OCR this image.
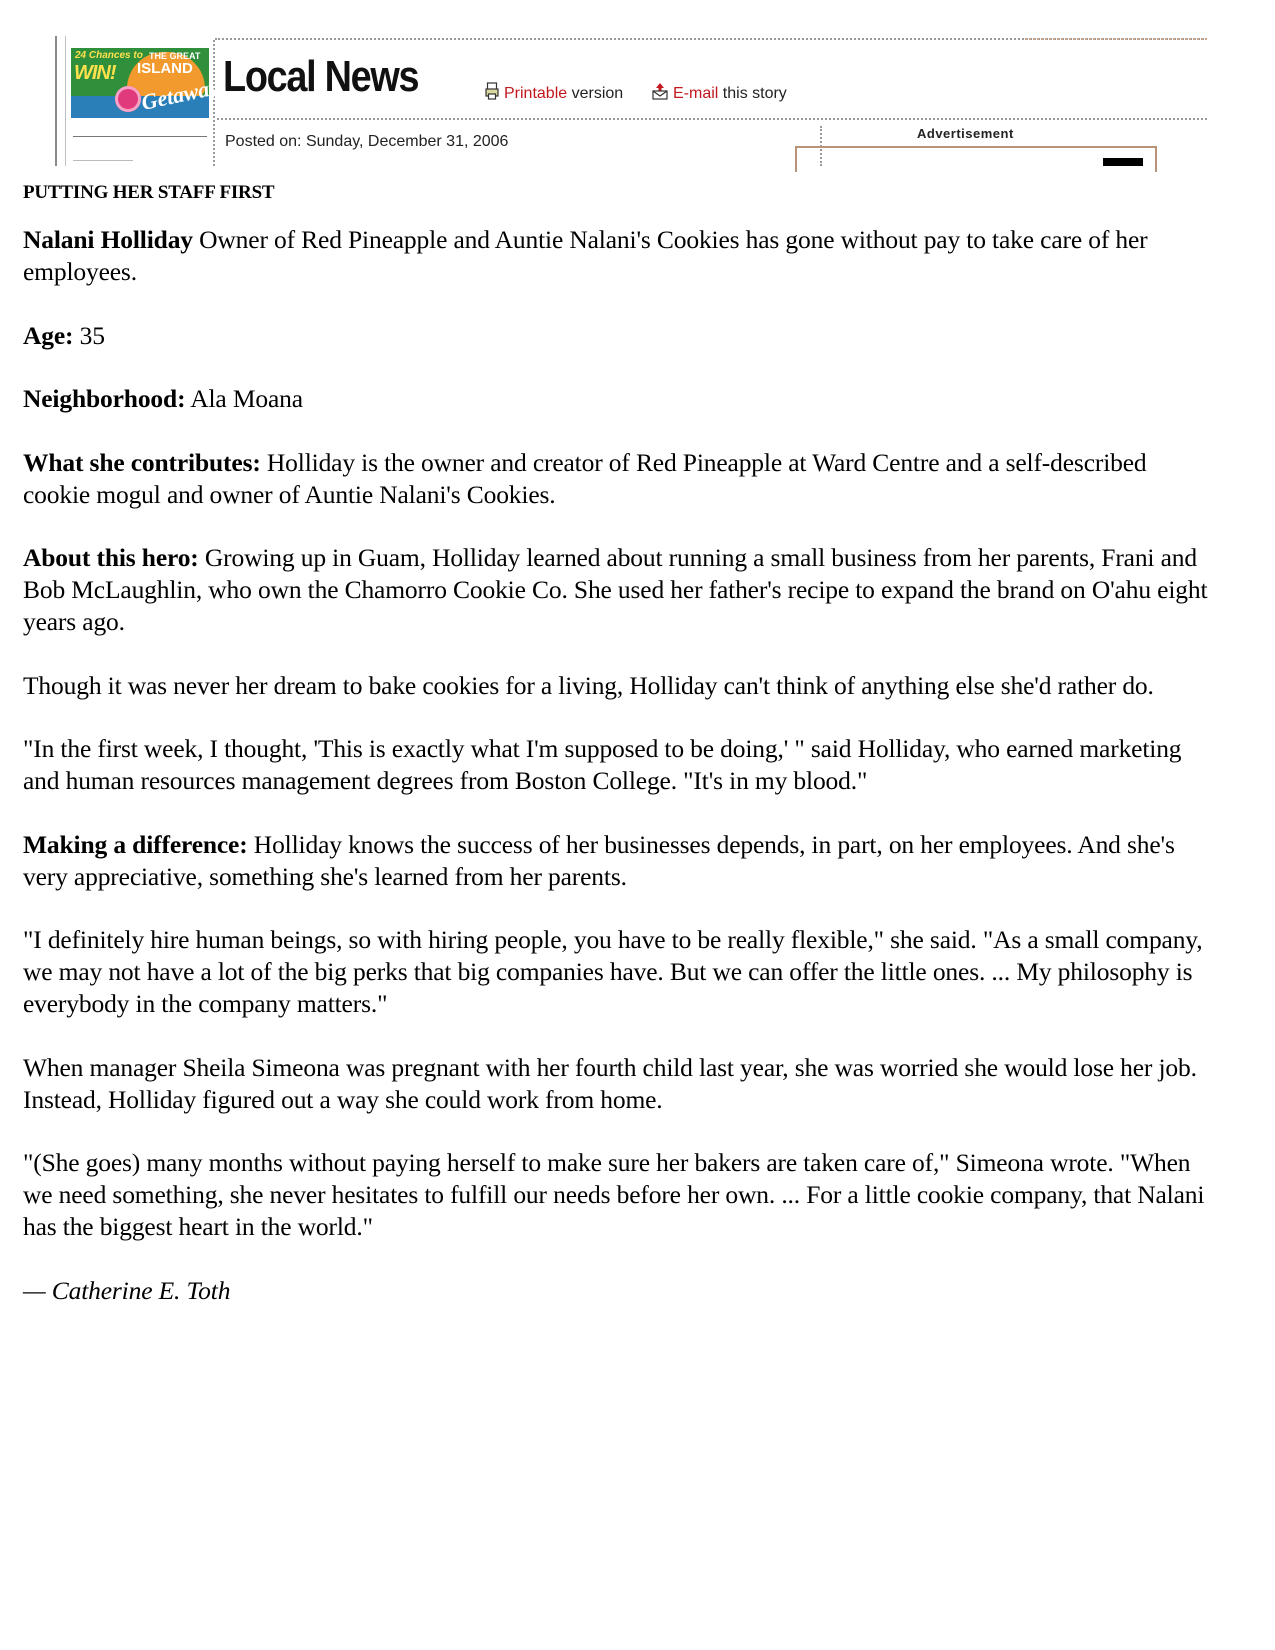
24 Chances to
WIN!
THE GREAT
ISLAND
Getaway Local News	Printable version	E-mail this story
Posted on: Sunday, December 31, 2006	Advertisement
PUTTING HER STAFF FIRST

Nalani Holliday Owner of Red Pineapple and Auntie Nalani's Cookies has gone without pay to take care of her employees.

Age: 35

Neighborhood: Ala Moana

What she contributes: Holliday is the owner and creator of Red Pineapple at Ward Centre and a self-described cookie mogul and owner of Auntie Nalani's Cookies.

About this hero: Growing up in Guam, Holliday learned about running a small business from her parents, Frani and Bob McLaughlin, who own the Chamorro Cookie Co. She used her father's recipe to expand the brand on O'ahu eight years ago.

Though it was never her dream to bake cookies for a living, Holliday can't think of anything else she'd rather do.

"In the first week, I thought, 'This is exactly what I'm supposed to be doing,' " said Holliday, who earned marketing and human resources management degrees from Boston College. "It's in my blood."

Making a difference: Holliday knows the success of her businesses depends, in part, on her employees. And she's very appreciative, something she's learned from her parents.

"I definitely hire human beings, so with hiring people, you have to be really flexible," she said. "As a small company, we may not have a lot of the big perks that big companies have. But we can offer the little ones. ... My philosophy is everybody in the company matters."

When manager Sheila Simeona was pregnant with her fourth child last year, she was worried she would lose her job. Instead, Holliday figured out a way she could work from home.

"(She goes) many months without paying herself to make sure her bakers are taken care of," Simeona wrote. "When we need something, she never hesitates to fulfill our needs before her own. ... For a little cookie company, that Nalani has the biggest heart in the world."

— Catherine E. Toth
